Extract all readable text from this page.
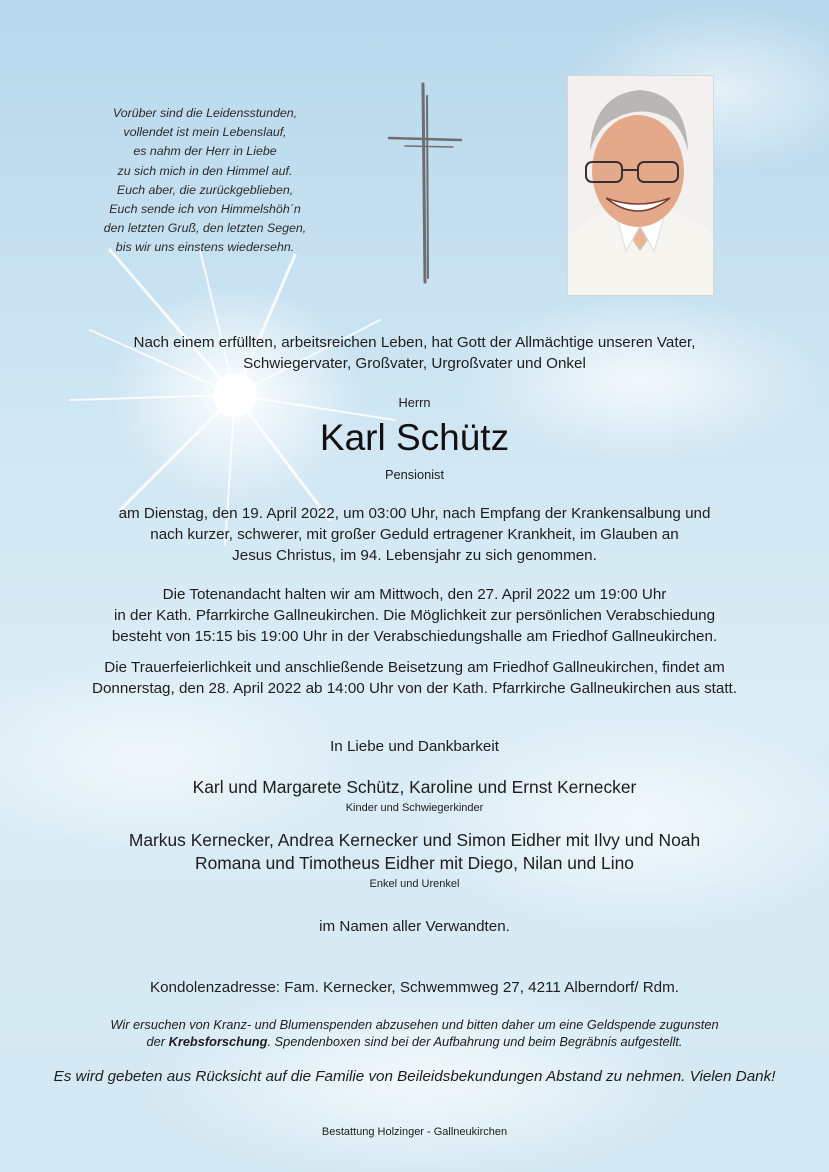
Vorüber sind die Leidensstunden,
vollendet ist mein Lebenslauf,
es nahm der Herr in Liebe
zu sich mich in den Himmel auf.
Euch aber, die zurückgeblieben,
Euch sende ich von Himmelshöh´n
den letzten Gruß, den letzten Segen,
bis wir uns einstens wiedersehn.
Nach einem erfüllten, arbeitsreichen Leben, hat Gott der Allmächtige unseren Vater,
Schwiegervater, Großvater, Urgroßvater und Onkel
Herrn
Karl Schütz
Pensionist
am Dienstag, den 19. April 2022, um 03:00 Uhr, nach Empfang der Krankensalbung und
nach kurzer, schwerer, mit großer Geduld ertragener Krankheit, im Glauben an
Jesus Christus, im 94. Lebensjahr zu sich genommen.
Die Totenandacht halten wir am Mittwoch, den 27. April 2022 um 19:00 Uhr
in der Kath. Pfarrkirche Gallneukirchen. Die Möglichkeit zur persönlichen Verabschiedung
besteht von 15:15 bis 19:00 Uhr in der Verabschiedungshalle am Friedhof Gallneukirchen.
Die Trauerfeierlichkeit und anschließende Beisetzung am Friedhof Gallneukirchen, findet am
Donnerstag, den 28. April 2022 ab 14:00 Uhr von der Kath. Pfarrkirche Gallneukirchen aus statt.
In Liebe und Dankbarkeit
Karl und Margarete Schütz, Karoline und Ernst Kernecker
Kinder und Schwiegerkinder
Markus Kernecker, Andrea Kernecker und Simon Eidher mit Ilvy und Noah
Romana und Timotheus Eidher mit Diego, Nilan und Lino
Enkel und Urenkel
im Namen aller Verwandten.
Kondolenzadresse: Fam. Kernecker, Schwemmweg 27, 4211 Alberndorf/ Rdm.
Wir ersuchen von Kranz- und Blumenspenden abzusehen und bitten daher um eine Geldspende zugunsten
der Krebsforschung. Spendenboxen sind bei der Aufbahrung und beim Begräbnis aufgestellt.
Es wird gebeten aus Rücksicht auf die Familie von Beileidsbekundungen Abstand zu nehmen. Vielen Dank!
Bestattung Holzinger - Gallneukirchen
